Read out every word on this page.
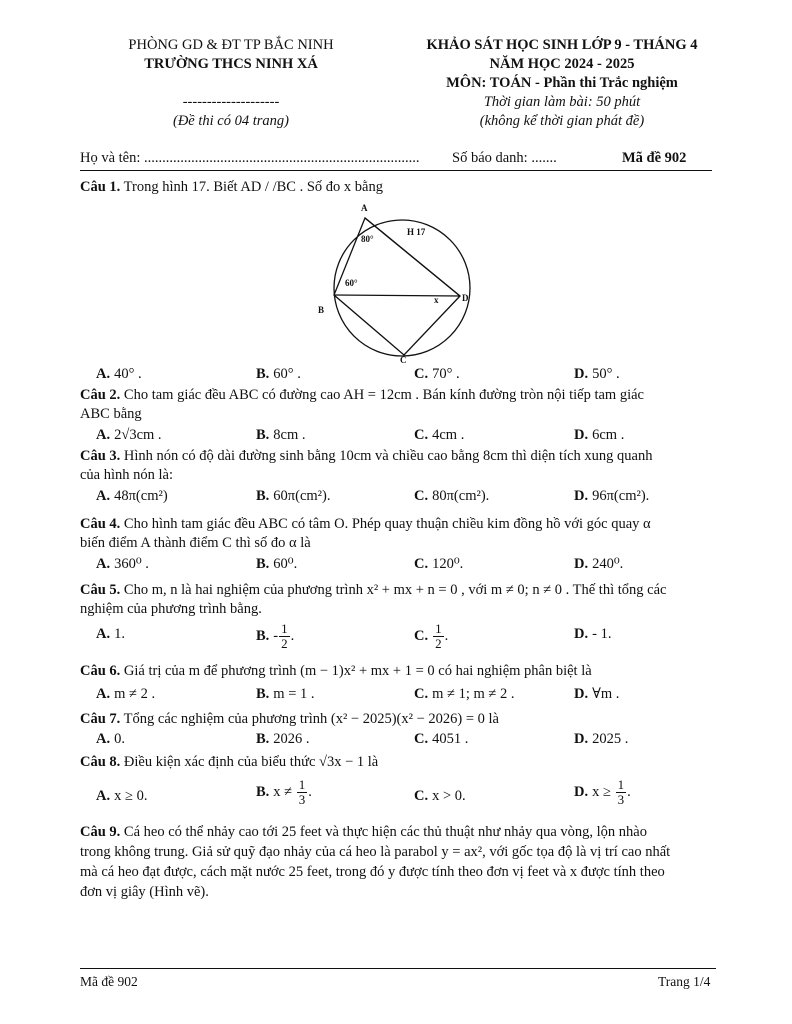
PHÒNG GD & ĐT TP BẮC NINH
TRƯỜNG THCS NINH XÁ
--------------------
(Đề thi có 04 trang)
KHẢO SÁT HỌC SINH LỚP 9 - THÁNG 4
NĂM HỌC 2024 - 2025
MÔN: TOÁN - Phần thi Trắc nghiệm
Thời gian làm bài: 50 phút
(không kể thời gian phát đề)
Họ và tên: ............................................................................ Số báo danh: .......	Mã đề 902
Câu 1. Trong hình 17. Biết AD / /BC . Số đo x bằng
A
B
C
D
80°
60°
x
H 17
A. 40° .	B. 60° .	C. 70° .	D. 50° .
Câu 2. Cho tam giác đều ABC có đường cao AH = 12cm . Bán kính đường tròn nội tiếp tam giác
ABC bằng
A. 2√3cm .	B. 8cm .	C. 4cm .	D. 6cm .
Câu 3. Hình nón có độ dài đường sinh bằng 10cm và chiều cao bằng 8cm thì diện tích xung quanh
của hình nón là:
A. 48π(cm²)	B. 60π(cm²).	C. 80π(cm²).	D. 96π(cm²).
Câu 4. Cho hình tam giác đều ABC có tâm O. Phép quay thuận chiều kim đồng hồ với góc quay α
biến điểm A thành điểm C thì số đo α là
A. 360⁰ .	B. 60⁰.	C. 120⁰.	D. 240⁰.
Câu 5. Cho m, n là hai nghiệm của phương trình x² + mx + n = 0 , với m ≠ 0; n ≠ 0 . Thế thì tổng các
nghiệm của phương trình bằng.
A. 1.	B. - $\frac{1}{2}$ .	C. $\frac{1}{2}$ .	D. - 1.
Câu 6. Giá trị của m để phương trình (m − 1)x² + mx + 1 = 0 có hai nghiệm phân biệt là
A. m ≠ 2 .	B. m = 1 .	C. m ≠ 1; m ≠ 2 .	D. ∀m .
Câu 7. Tổng các nghiệm của phương trình (x² − 2025)(x² − 2026) = 0 là
A. 0.	B. 2026 .	C. 4051 .	D. 2025 .
Câu 8. Điều kiện xác định của biểu thức √3x − 1 là
A. x ≥ 0.	B. $x \ne \frac{1}{3}$ .	C. x > 0.	D. $x \ge \frac{1}{3}$ .
Câu 9. Cá heo có thể nhảy cao tới 25 feet và thực hiện các thủ thuật như nhảy qua vòng, lộn nhào
trong không trung. Giả sử quỹ đạo nhảy của cá heo là parabol y = ax², với gốc tọa độ là vị trí cao nhất
mà cá heo đạt được, cách mặt nước 25 feet, trong đó y được tính theo đơn vị feet và x được tính theo
đơn vị giây (Hình vẽ).
Mã đề 902	Trang 1/4
